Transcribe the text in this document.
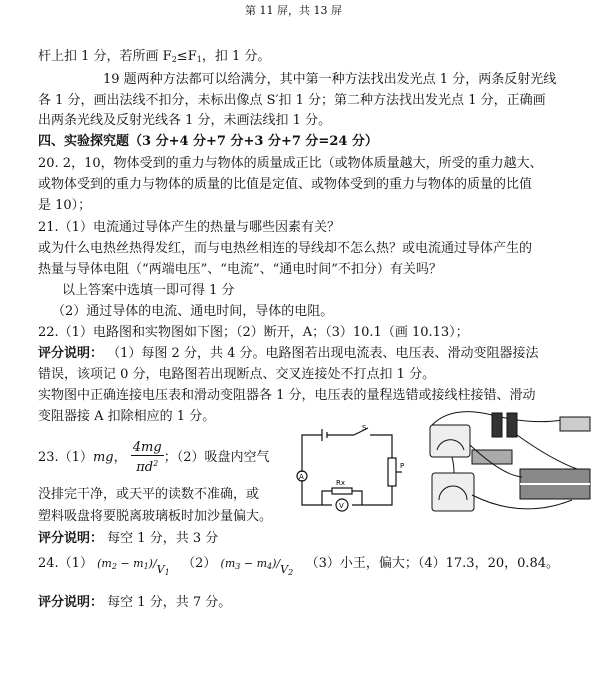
第 11 屏，共 13 屏
杆上扣 1 分，若所画 $F_2\le F_1$，扣 1 分。
19 题两种方法都可以给满分，其中第一种方法找出发光点 1 分，两条反射光线
各 1 分，画出法线不扣分，未标出像点 S′扣 1 分；第二种方法找出发光点 1 分，正确画
出两条光线及反射光线各 1 分，未画法线扣 1 分。
四、实验探究题（3 分+4 分+7 分+3 分+7 分=24 分）
20. 2，10，物体受到的重力与物体的质量成正比（或物体质量越大，所受的重力越大、
或物体受到的重力与物体的质量的比值是定值、或物体受到的重力与物体的质量的比值
是 10）；
21.（1）电流通过导体产生的热量与哪些因素有关？
或为什么电热丝热得发红，而与电热丝相连的导线却不怎么热？或电流通过导体产生的
热量与导体电阻（“两端电压”、“电流”、“通电时间”不扣分）有关吗？
以上答案中选填一即可得 1 分
（2）通过导体的电流、通电时间，导体的电阻。
22.（1）电路图和实物图如下图；（2）断开，A；（3）10.1（画 10.13）；
评分说明： （1）每图 2 分，共 4 分。电路图若出现电流表、电压表、滑动变阻器接法
错误，该项记 0 分，电路图若出现断点、交叉连接处不打点扣 1 分。
实物图中正确连接电压表和滑动变阻器各 1 分，电压表的量程选错或接线柱接错、滑动
变阻器接 A 扣除相应的 1 分。
23.（1）mg， $\frac{4mg}{\pi d^2}$ ；（2）吸盘内空气
没排完干净，或天平的读数不准确，或
塑料吸盘将要脱离玻璃板时加沙量偏大。
评分说明： 每空 1 分，共 3 分
24.（1） $(m_2 - m_1)/V_1$   （2） $(m_3 - m_4)/V_2$   （3）小王，偏大；（4）17.3，20，0.84。
评分说明： 每空 1 分，共 7 分。
A
V
Rx
S
P
